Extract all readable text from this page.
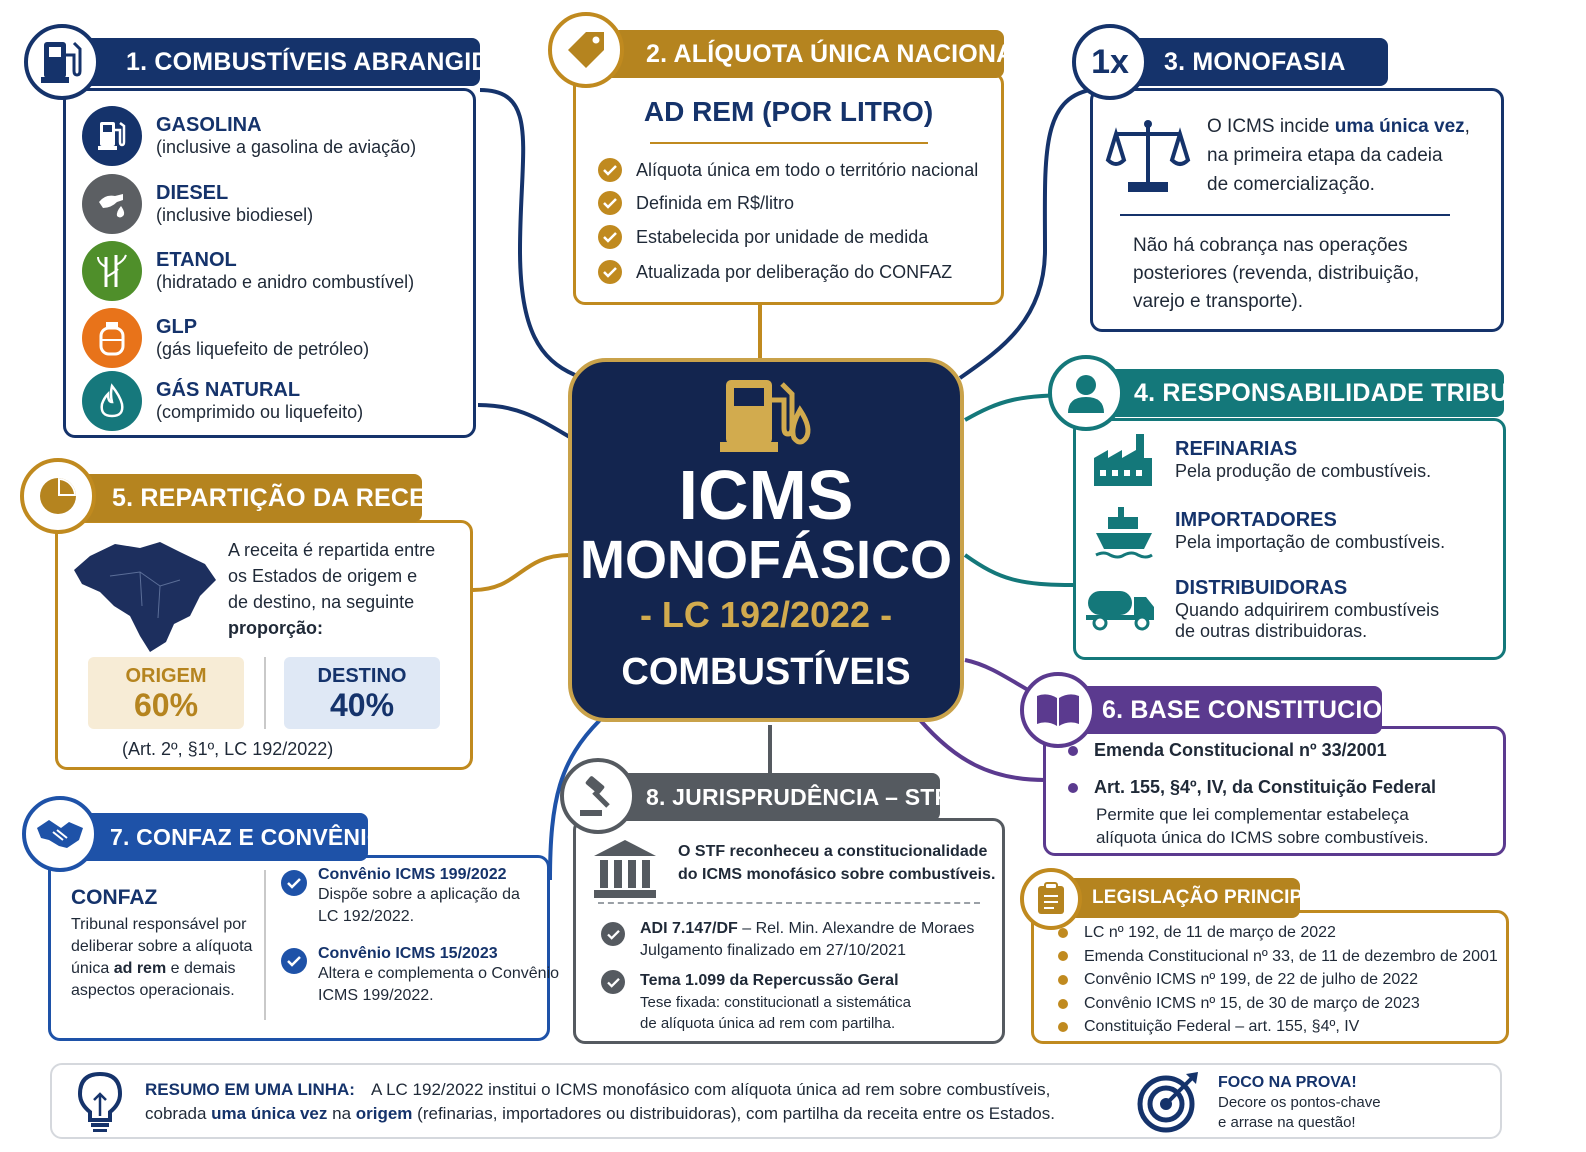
ICMS
MONOFÁSICO
- LC 192/2022 -
COMBUSTÍVEIS
1. COMBUSTÍVEIS ABRANGIDOS
GASOLINA
(inclusive a gasolina de aviação)
DIESEL
(inclusive biodiesel)
ETANOL
(hidratado e anidro combustível)
GLP
(gás liquefeito de petróleo)
GÁS NATURAL
(comprimido ou liquefeito)
2. ALÍQUOTA ÚNICA NACIONAL
AD REM (POR LITRO)
Alíquota única em todo o território nacional
Definida em R$/litro
Estabelecida por unidade de medida
Atualizada por deliberação do CONFAZ
3. MONOFASIA
1x
O ICMS incide uma única vez,
na primeira etapa da cadeia
de comercialização.
Não há cobrança nas operações
posteriores (revenda, distribuição,
varejo e transporte).
4. RESPONSABILIDADE TRIBUTÁRIA
REFINARIAS
Pela produção de combustíveis.
IMPORTADORES
Pela importação de combustíveis.
DISTRIBUIDORAS
Quando adquirirem combustíveis
de outras distribuidoras.
5. REPARTIÇÃO DA RECEITA
A receita é repartida entre
os Estados de origem e
de destino, na seguinte
proporção:
ORIGEM
60%
DESTINO
40%
(Art. 2º, §1º, LC 192/2022)
6. BASE CONSTITUCIONAL
Emenda Constitucional nº 33/2001
Art. 155, §4º, IV, da Constituição Federal
Permite que lei complementar estabeleça
alíquota única do ICMS sobre combustíveis.
7. CONFAZ E CONVÊNIOS
CONFAZ
Tribunal responsável por
deliberar sobre a alíquota
única ad rem e demais
aspectos operacionais.
Convênio ICMS 199/2022
Dispõe sobre a aplicação da
LC 192/2022.
Convênio ICMS 15/2023
Altera e complementa o Convênio
ICMS 199/2022.
8. JURISPRUDÊNCIA – STF
O STF reconheceu a constitucionalidade
do ICMS monofásico sobre combustíveis.
ADI 7.147/DF – Rel. Min. Alexandre de Moraes
Julgamento finalizado em 27/10/2021
Tema 1.099 da Repercussão Geral
Tese fixada: constitucionatl a sistemática
de alíquota única ad rem com partilha.
LEGISLAÇÃO PRINCIPAL
LC nº 192, de 11 de março de 2022
Emenda Constitucional nº 33, de 11 de dezembro de 2001
Convênio ICMS nº 199, de 22 de julho de 2022
Convênio ICMS nº 15, de 30 de março de 2023
Constituição Federal – art. 155, §4º, IV
RESUMO EM UMA LINHA: A LC 192/2022 institui o ICMS monofásico com alíquota única ad rem sobre combustíveis,
cobrada uma única vez na origem (refinarias, importadores ou distribuidoras), com partilha da receita entre os Estados.
FOCO NA PROVA!
Decore os pontos-chave
e arrase na questão!
